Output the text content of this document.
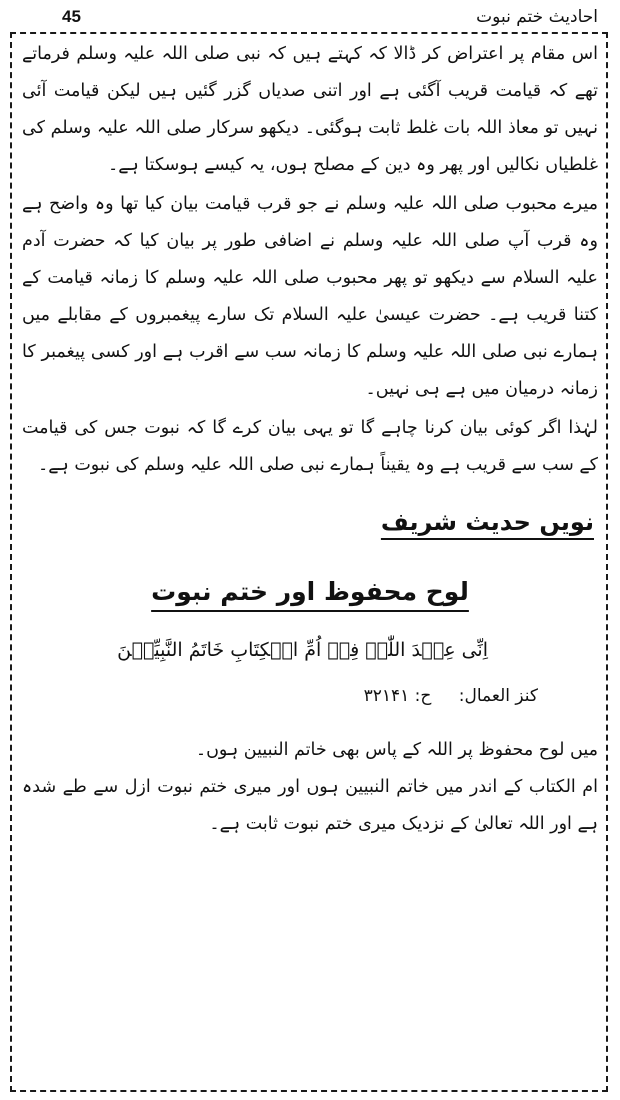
45	احادیث ختم نبوت

اس مقام پر اعتراض کر ڈالا کہ کہتے ہیں کہ نبی صلی اللہ علیہ وسلم فرماتے تھے کہ قیامت قریب آگئی ہے اور اتنی صدیاں گزر گئیں ہیں لیکن قیامت آئی نہیں تو معاذ اللہ بات غلط ثابت ہوگئی۔ دیکھو سرکار صلی اللہ علیہ وسلم کی غلطیاں نکالیں اور پھر وہ دین کے مصلح ہوں، یہ کیسے ہوسکتا ہے۔

میرے محبوب صلی اللہ علیہ وسلم نے جو قرب قیامت بیان کیا تھا وہ واضح ہے وہ قرب آپ صلی اللہ علیہ وسلم نے اضافی طور پر بیان کیا کہ حضرت آدم علیہ السلام سے دیکھو تو پھر محبوب صلی اللہ علیہ وسلم کا زمانہ قیامت کے کتنا قریب ہے۔ حضرت عیسیٰ علیہ السلام تک سارے پیغمبروں کے مقابلے میں ہمارے نبی صلی اللہ علیہ وسلم کا زمانہ سب سے اقرب ہے اور کسی پیغمبر کا زمانہ درمیان میں ہے ہی نہیں۔

لہٰذا اگر کوئی بیان کرنا چاہے گا تو یہی بیان کرے گا کہ نبوت جس کی قیامت کے سب سے قریب ہے وہ یقیناً ہمارے نبی صلی اللہ علیہ وسلم کی نبوت ہے۔

نویں حدیث شریف
لوح محفوظ اور ختم نبوت
اِنِّی عِنۡدَ اللّٰہِ فِیۡ اُمِّ الۡکِتَابِ خَاتَمُ النَّبِیِّیۡنَ
کنز العمال: ح: ۳۲۱۴۱

میں لوح محفوظ پر اللہ کے پاس بھی خاتم النبیین ہوں۔

ام الکتاب کے اندر میں خاتم النبیین ہوں اور میری ختم نبوت ازل سے طے شدہ ہے اور اللہ تعالیٰ کے نزدیک میری ختم نبوت ثابت ہے۔
